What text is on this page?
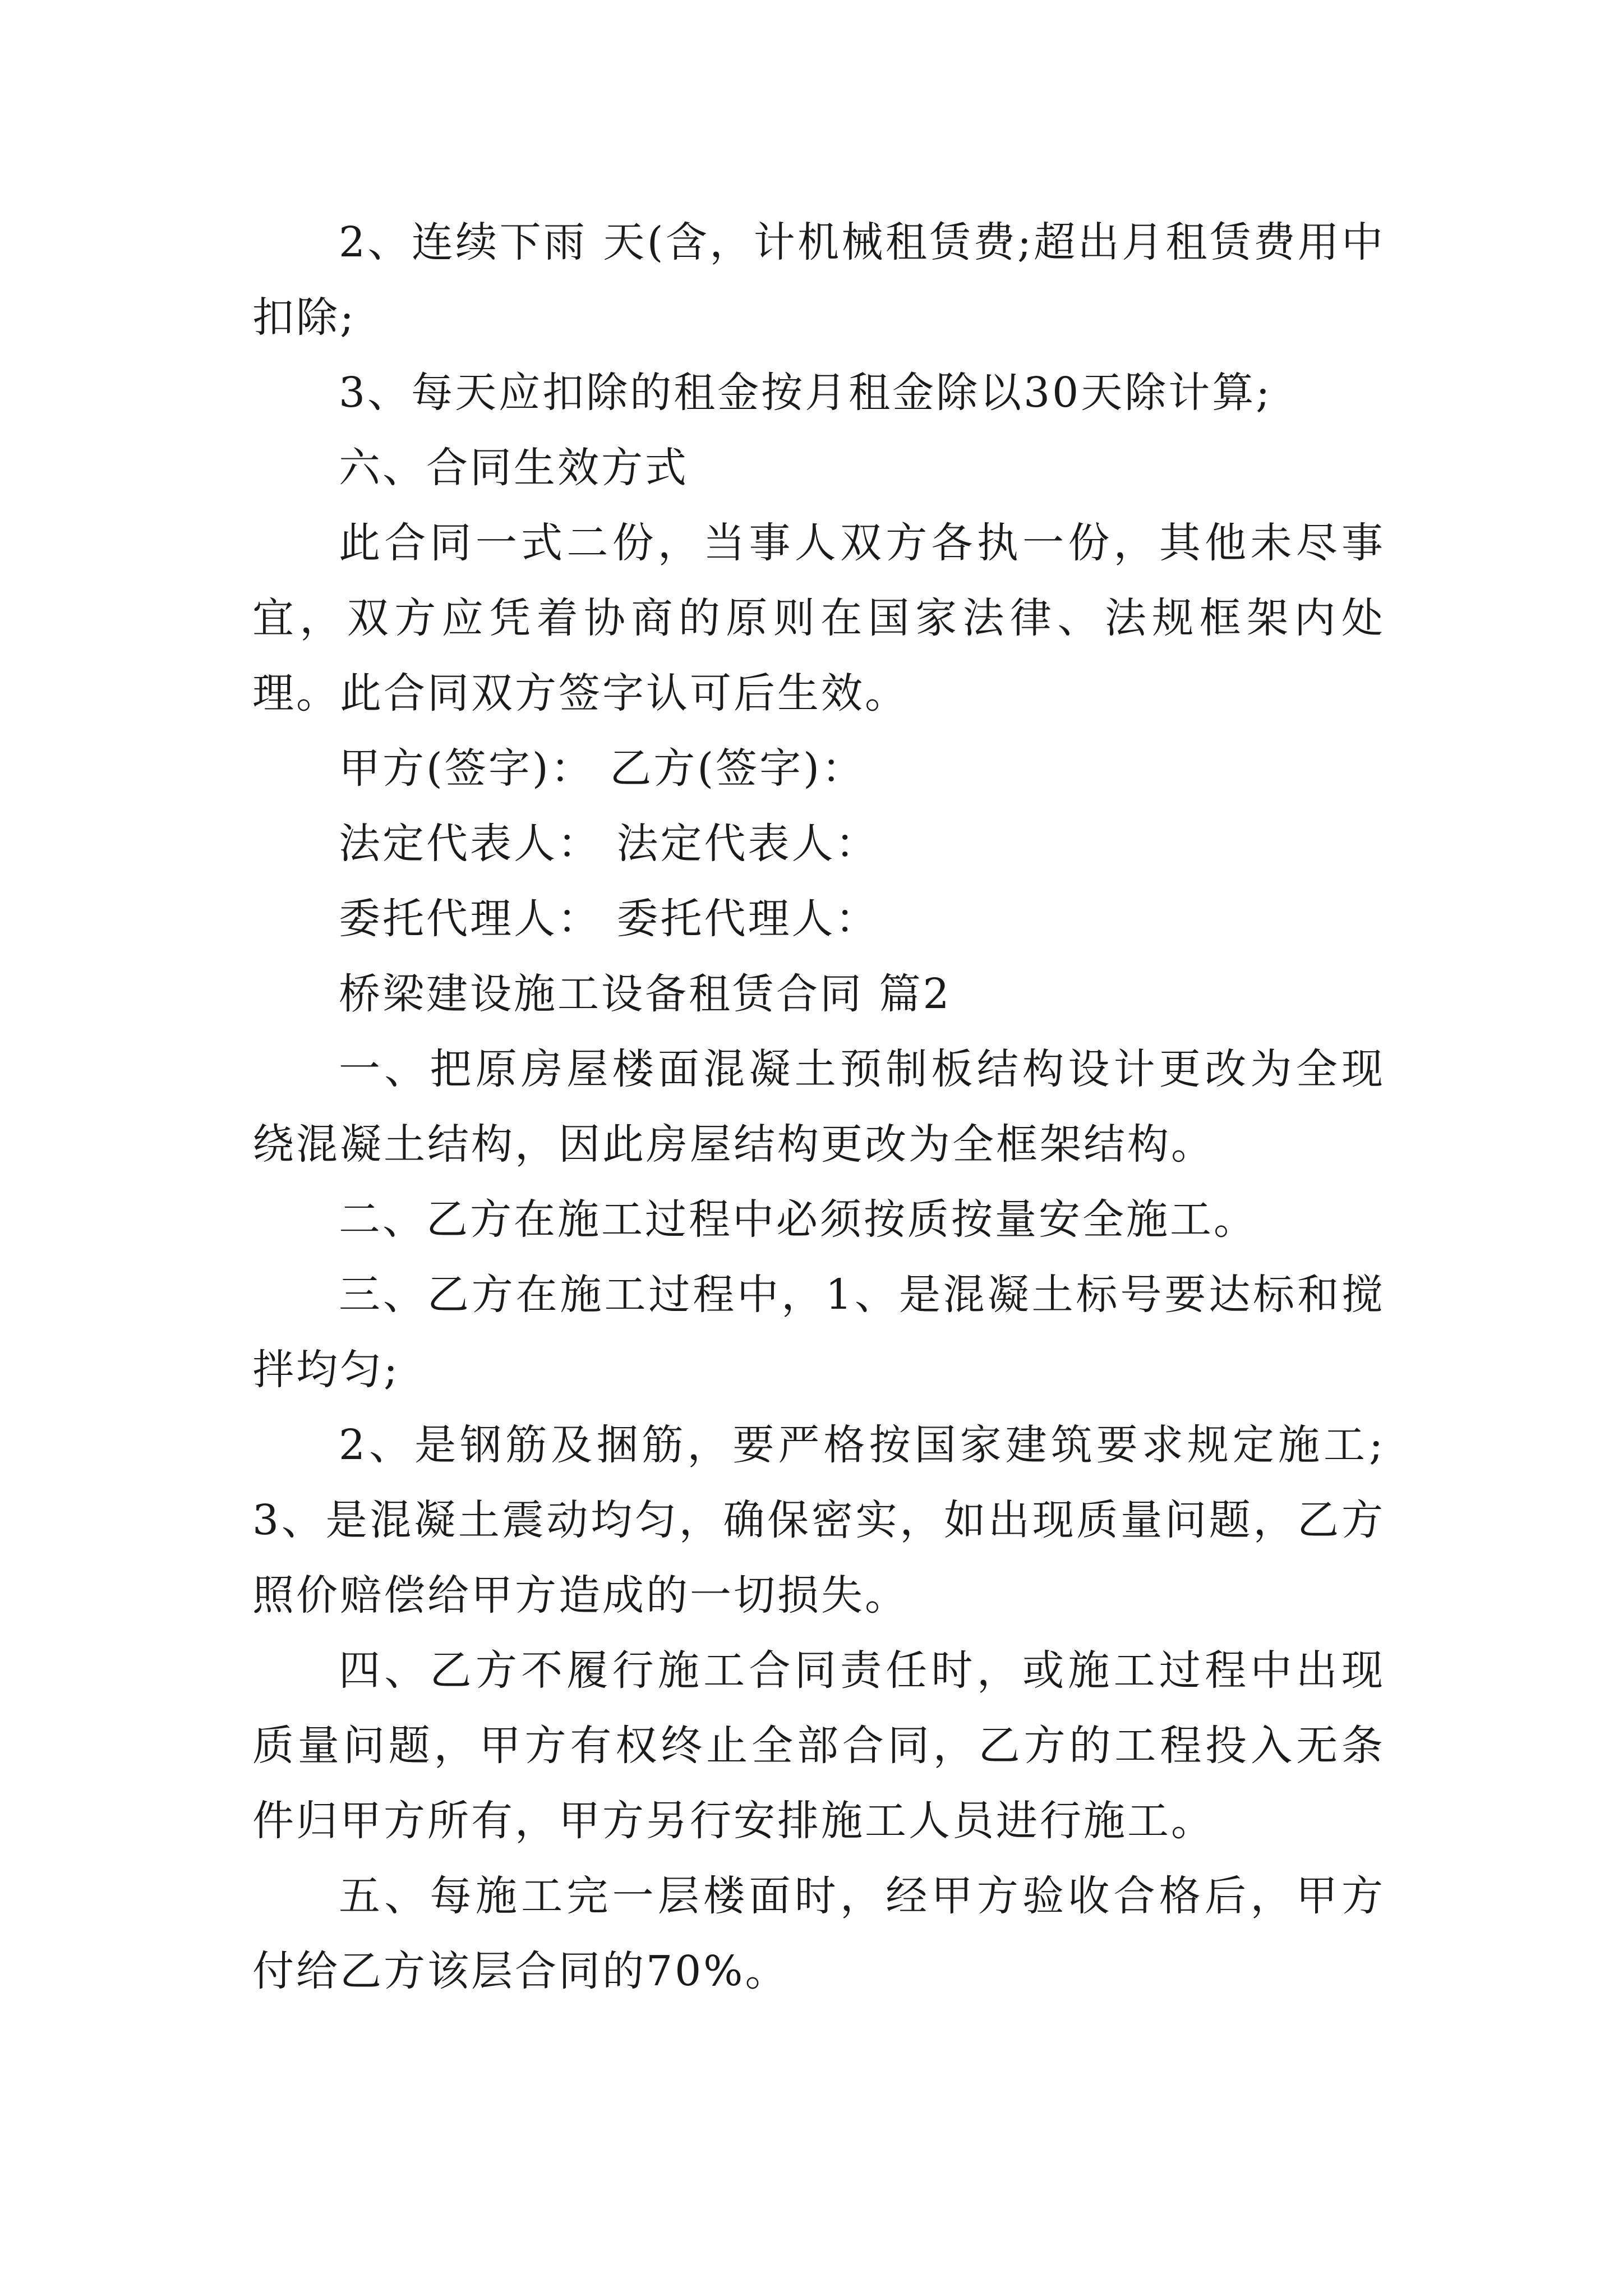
2、连续下雨 天(含，计机械租赁费;超出月租赁费用中扣除;

3、每天应扣除的租金按月租金除以30天除计算;

六、合同生效方式

此合同一式二份，当事人双方各执一份，其他未尽事宜，双方应凭着协商的原则在国家法律、法规框架内处理。此合同双方签字认可后生效。

甲方(签字)： 乙方(签字)：

法定代表人： 法定代表人：

委托代理人： 委托代理人：

桥梁建设施工设备租赁合同 篇2

一、把原房屋楼面混凝土预制板结构设计更改为全现绕混凝土结构，因此房屋结构更改为全框架结构。

二、乙方在施工过程中必须按质按量安全施工。

三、乙方在施工过程中，1、是混凝土标号要达标和搅拌均匀;

2、是钢筋及捆筋，要严格按国家建筑要求规定施工;3、是混凝土震动均匀，确保密实，如出现质量问题，乙方照价赔偿给甲方造成的一切损失。

四、乙方不履行施工合同责任时，或施工过程中出现质量问题，甲方有权终止全部合同，乙方的工程投入无条件归甲方所有，甲方另行安排施工人员进行施工。

五、每施工完一层楼面时，经甲方验收合格后，甲方付给乙方该层合同的70%。
